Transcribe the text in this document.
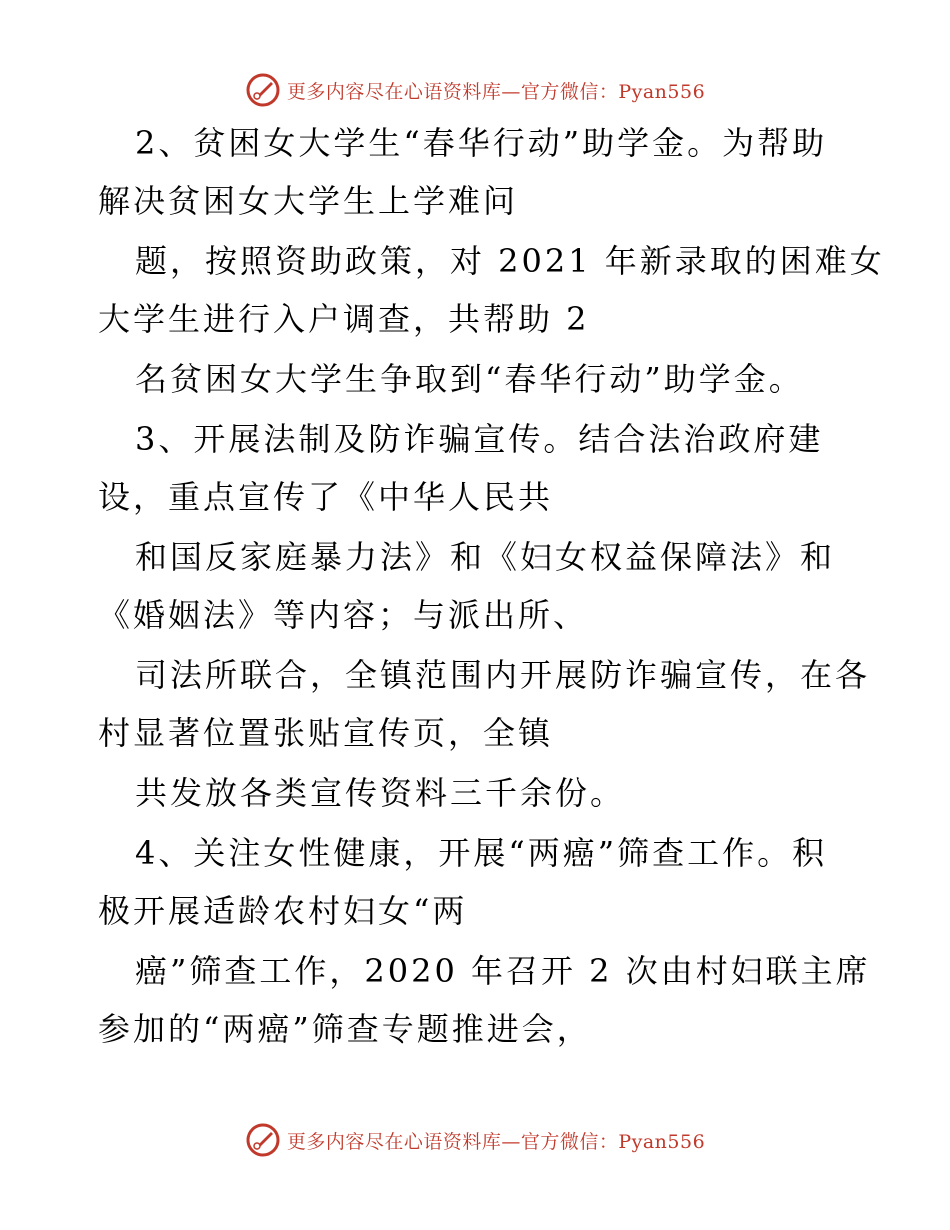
更多内容尽在心语资料库—官方微信：Pyan556
2、贫困女大学生“春华行动”助学金。为帮助
解决贫困女大学生上学难问
题，按照资助政策，对 2021 年新录取的困难女
大学生进行入户调查，共帮助 2
名贫困女大学生争取到“春华行动”助学金。
3、开展法制及防诈骗宣传。结合法治政府建
设，重点宣传了《中华人民共
和国反家庭暴力法》和《妇女权益保障法》和
《婚姻法》等内容；与派出所、
司法所联合，全镇范围内开展防诈骗宣传，在各
村显著位置张贴宣传页，全镇
共发放各类宣传资料三千余份。
4、关注女性健康，开展“两癌”筛查工作。积
极开展适龄农村妇女“两
癌”筛查工作，2020 年召开 2 次由村妇联主席
参加的“两癌”筛查专题推进会，
更多内容尽在心语资料库—官方微信：Pyan556
